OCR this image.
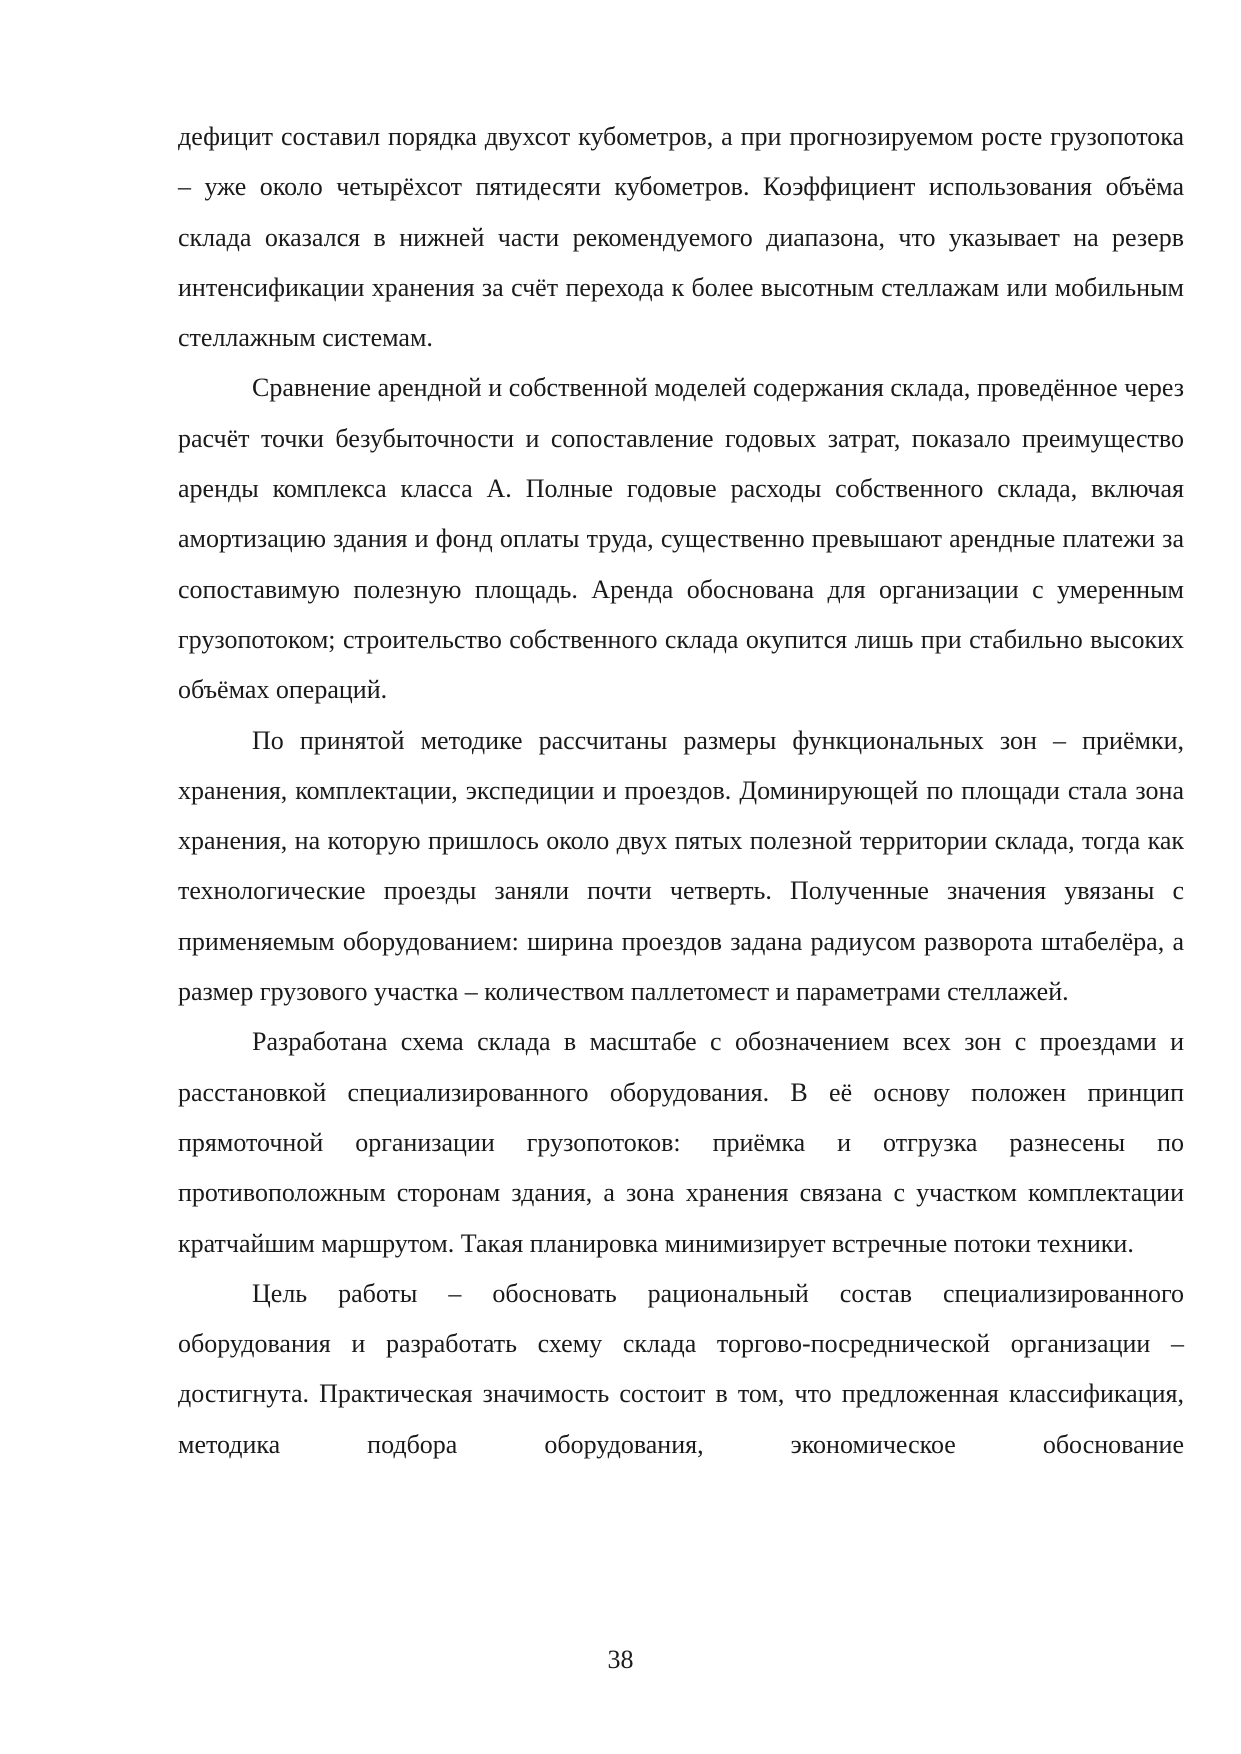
дефицит составил порядка двухсот кубометров, а при прогнозируемом росте грузопотока – уже около четырёхсот пятидесяти кубометров. Коэффициент использования объёма склада оказался в нижней части рекомендуемого диапазона, что указывает на резерв интенсификации хранения за счёт перехода к более высотным стеллажам или мобильным стеллажным системам.

Сравнение арендной и собственной моделей содержания склада, проведённое через расчёт точки безубыточности и сопоставление годовых затрат, показало преимущество аренды комплекса класса А. Полные годовые расходы собственного склада, включая амортизацию здания и фонд оплаты труда, существенно превышают арендные платежи за сопоставимую полезную площадь. Аренда обоснована для организации с умеренным грузопотоком; строительство собственного склада окупится лишь при стабильно высоких объёмах операций.

По принятой методике рассчитаны размеры функциональных зон – приёмки, хранения, комплектации, экспедиции и проездов. Доминирующей по площади стала зона хранения, на которую пришлось около двух пятых полезной территории склада, тогда как технологические проезды заняли почти четверть. Полученные значения увязаны с применяемым оборудованием: ширина проездов задана радиусом разворота штабелёра, а размер грузового участка – количеством паллетомест и параметрами стеллажей.

Разработана схема склада в масштабе с обозначением всех зон с проездами и расстановкой специализированного оборудования. В её основу положен принцип прямоточной организации грузопотоков: приёмка и отгрузка разнесены по противоположным сторонам здания, а зона хранения связана с участком комплектации кратчайшим маршрутом. Такая планировка минимизирует встречные потоки техники.

Цель работы – обосновать рациональный состав специализированного оборудования и разработать схему склада торгово-посреднической организации – достигнута. Практическая значимость состоит в том, что предложенная классификация, методика подбора оборудования, экономическое обоснование

38
